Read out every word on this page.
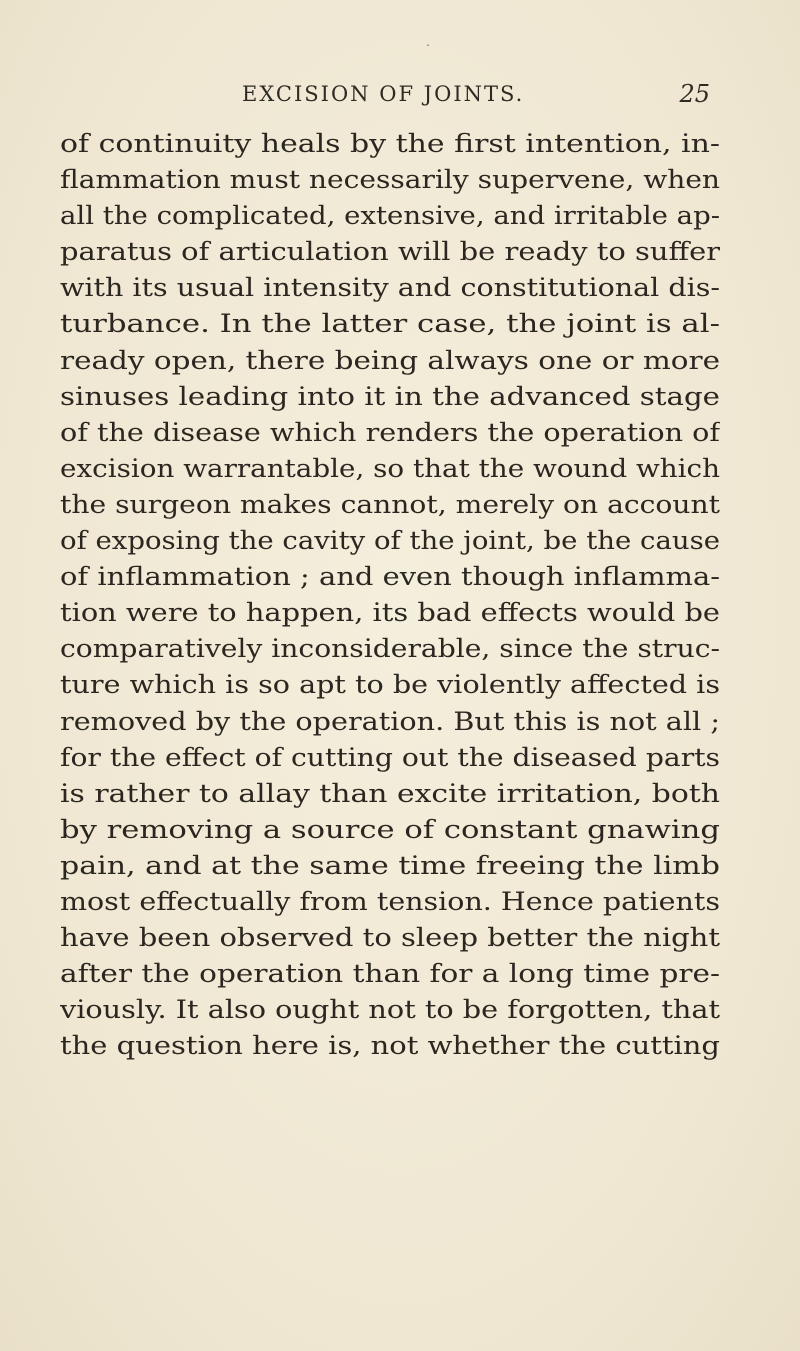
ˆ
EXCISION OF JOINTS.	25
of continuity heals by the first intention, in-
flammation must necessarily supervene, when
all the complicated, extensive, and irritable ap-
paratus of articulation will be ready to suffer
with its usual intensity and constitutional dis-
turbance. In the latter case, the joint is al-
ready open, there being always one or more
sinuses leading into it in the advanced stage
of the disease which renders the operation of
excision warrantable, so that the wound which
the surgeon makes cannot, merely on account
of exposing the cavity of the joint, be the cause
of inflammation ; and even though inflamma-
tion were to happen, its bad effects would be
comparatively inconsiderable, since the struc-
ture which is so apt to be violently affected is
removed by the operation. But this is not all ;
for the effect of cutting out the diseased parts
is rather to allay than excite irritation, both
by removing a source of constant gnawing
pain, and at the same time freeing the limb
most effectually from tension. Hence patients
have been observed to sleep better the night
after the operation than for a long time pre-
viously. It also ought not to be forgotten, that
the question here is, not whether the cutting
